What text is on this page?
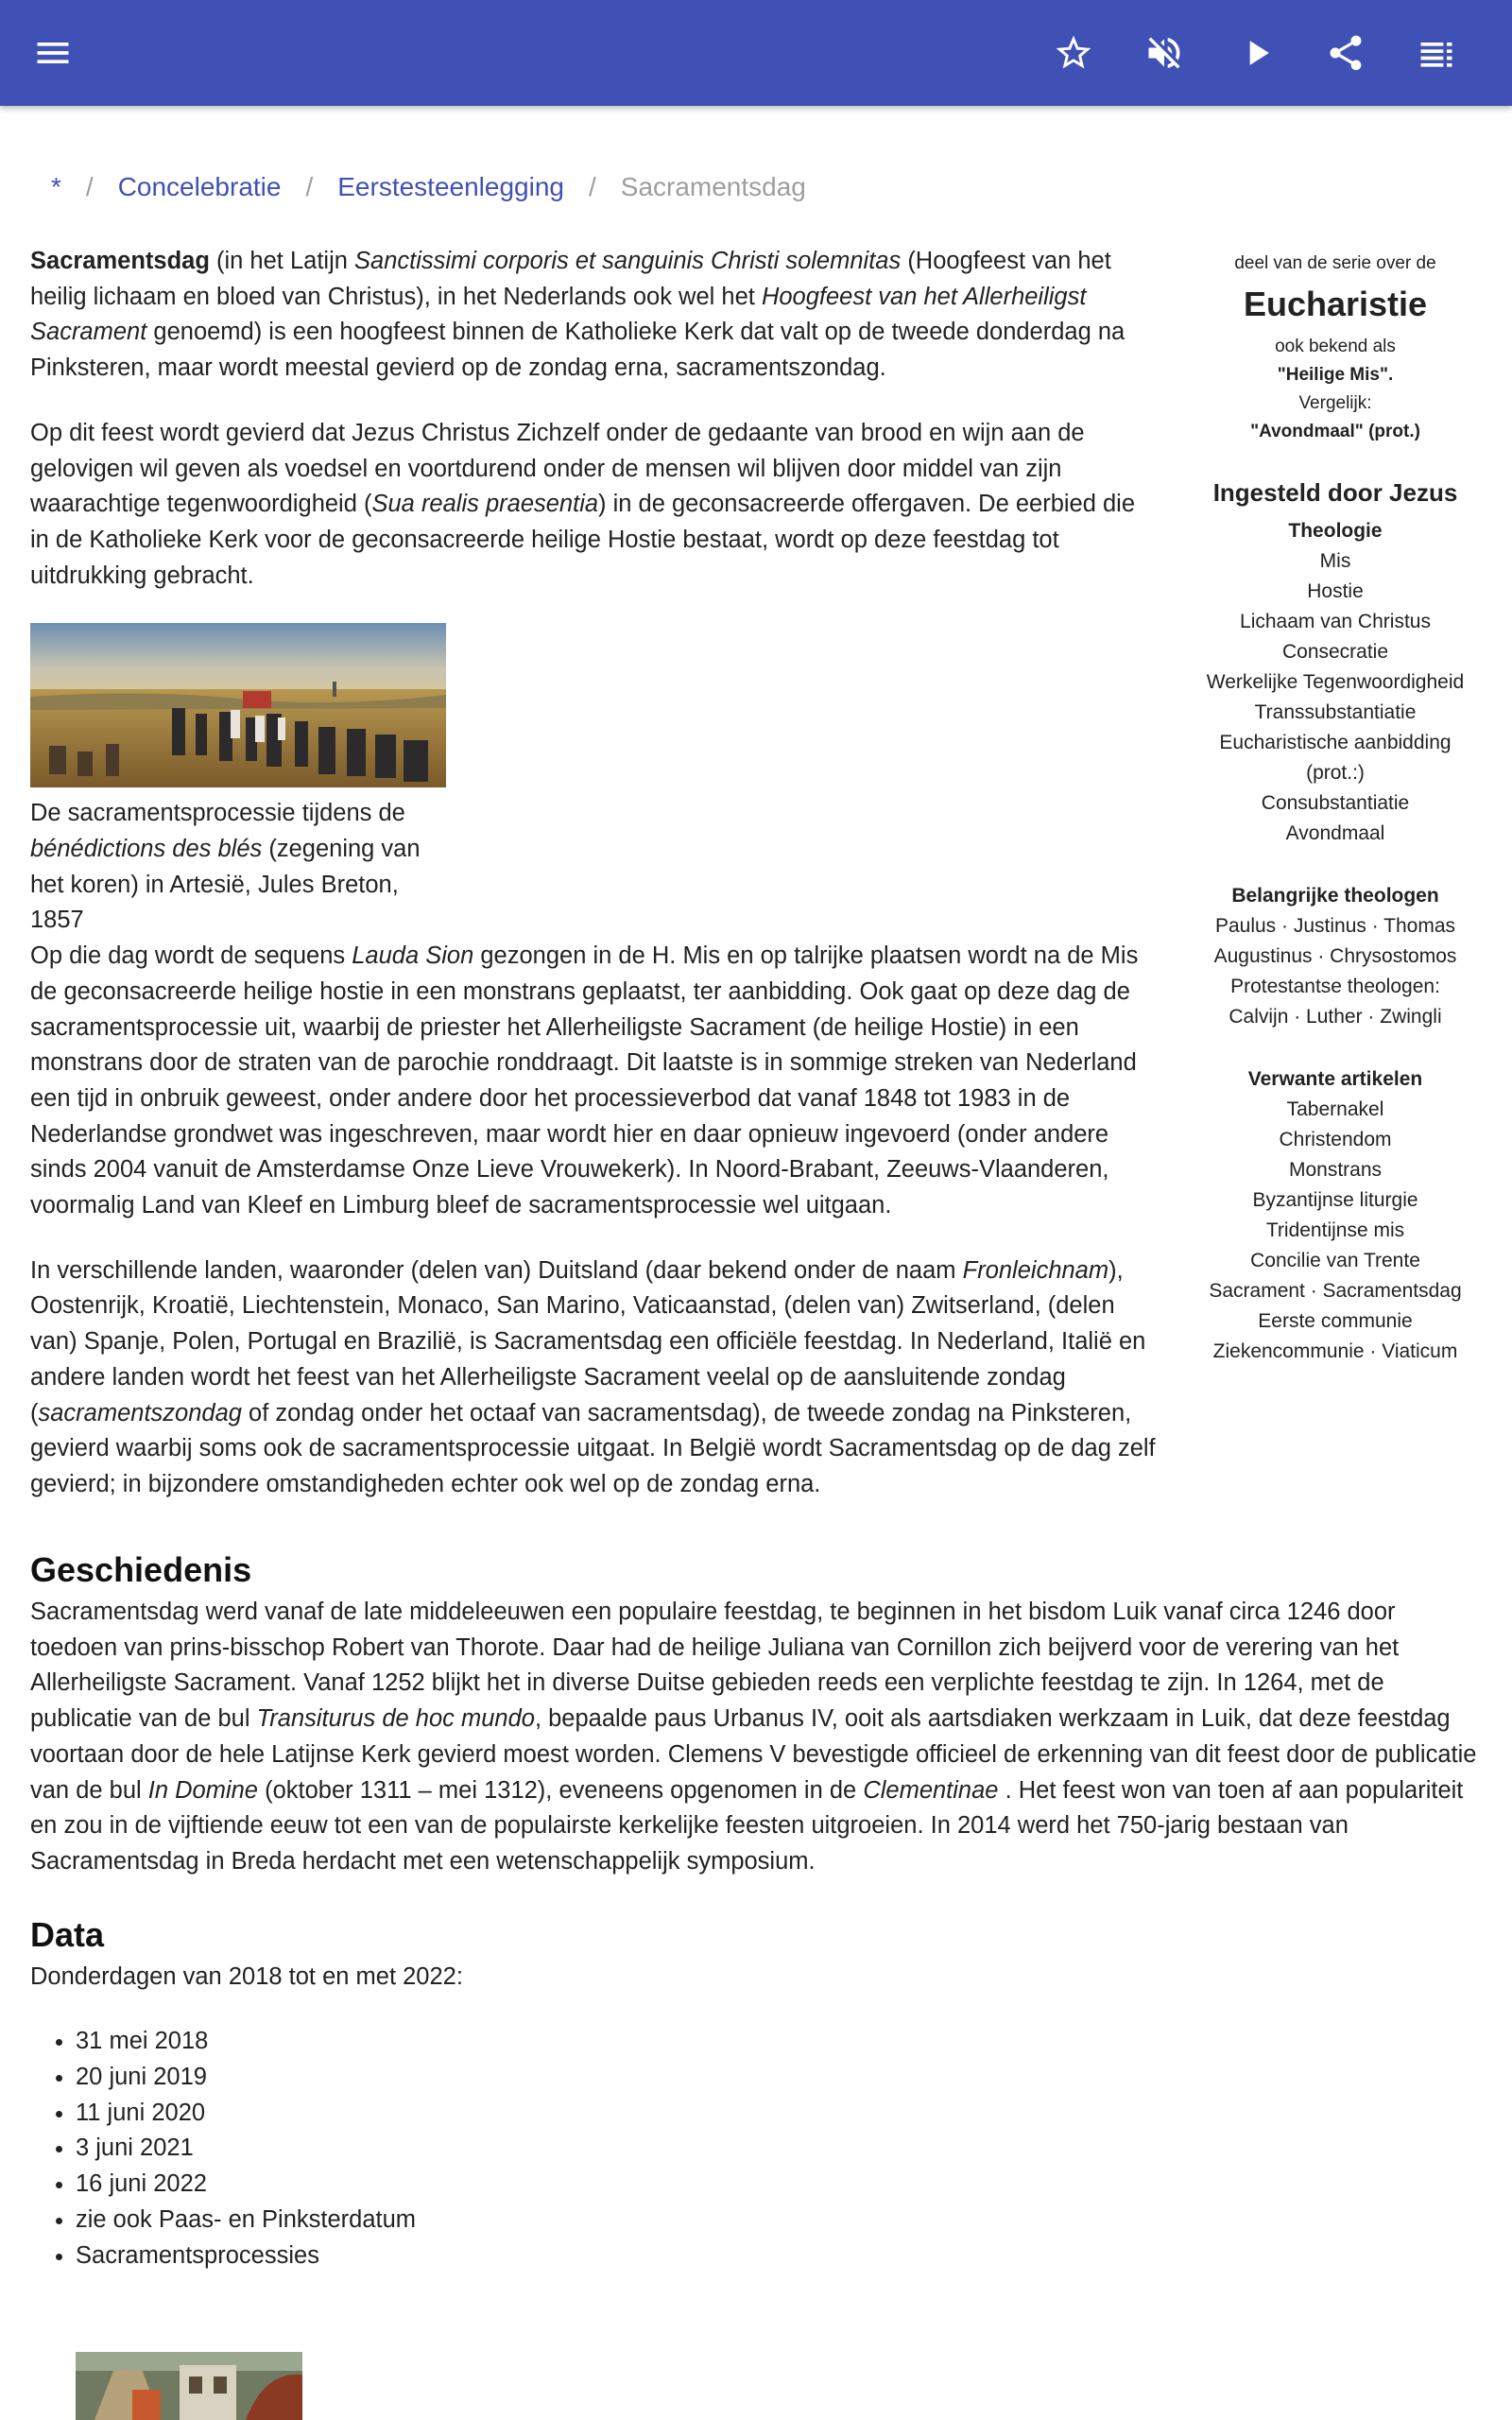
* / Concelebratie / Eerstesteenlegging / Sacramentsdag

Sacramentsdag (in het Latijn Sanctissimi corporis et sanguinis Christi solemnitas (Hoogfeest van het heilig lichaam en bloed van Christus), in het Nederlands ook wel het Hoogfeest van het Allerheiligst Sacrament genoemd) is een hoogfeest binnen de Katholieke Kerk dat valt op de tweede donderdag na Pinksteren, maar wordt meestal gevierd op de zondag erna, sacramentszondag.

Op dit feest wordt gevierd dat Jezus Christus Zichzelf onder de gedaante van brood en wijn aan de gelovigen wil geven als voedsel en voortdurend onder de mensen wil blijven door middel van zijn waarachtige tegenwoordigheid (Sua realis praesentia) in de geconsacreerde offergaven. De eerbied die in de Katholieke Kerk voor de geconsacreerde heilige Hostie bestaat, wordt op deze feestdag tot uitdrukking gebracht.

De sacramentsprocessie tijdens de bénédictions des blés (zegening van het koren) in Artesië, Jules Breton, 1857

Op die dag wordt de sequens Lauda Sion gezongen in de H. Mis en op talrijke plaatsen wordt na de Mis de geconsacreerde heilige hostie in een monstrans geplaatst, ter aanbidding. Ook gaat op deze dag de sacramentsprocessie uit, waarbij de priester het Allerheiligste Sacrament (de heilige Hostie) in een monstrans door de straten van de parochie ronddraagt. Dit laatste is in sommige streken van Nederland een tijd in onbruik geweest, onder andere door het processieverbod dat vanaf 1848 tot 1983 in de Nederlandse grondwet was ingeschreven, maar wordt hier en daar opnieuw ingevoerd (onder andere sinds 2004 vanuit de Amsterdamse Onze Lieve Vrouwekerk). In Noord-Brabant, Zeeuws-Vlaanderen, voormalig Land van Kleef en Limburg bleef de sacramentsprocessie wel uitgaan.

In verschillende landen, waaronder (delen van) Duitsland (daar bekend onder de naam Fronleichnam), Oostenrijk, Kroatië, Liechtenstein, Monaco, San Marino, Vaticaanstad, (delen van) Zwitserland, (delen van) Spanje, Polen, Portugal en Brazilië, is Sacramentsdag een officiële feestdag. In Nederland, Italië en andere landen wordt het feest van het Allerheiligste Sacrament veelal op de aansluitende zondag (sacramentszondag of zondag onder het octaaf van sacramentsdag), de tweede zondag na Pinksteren, gevierd waarbij soms ook de sacramentsprocessie uitgaat. In België wordt Sacramentsdag op de dag zelf gevierd; in bijzondere omstandigheden echter ook wel op de zondag erna.

Geschiedenis

Sacramentsdag werd vanaf de late middeleeuwen een populaire feestdag, te beginnen in het bisdom Luik vanaf circa 1246 door toedoen van prins-bisschop Robert van Thorote. Daar had de heilige Juliana van Cornillon zich beijverd voor de verering van het Allerheiligste Sacrament. Vanaf 1252 blijkt het in diverse Duitse gebieden reeds een verplichte feestdag te zijn. In 1264, met de publicatie van de bul Transiturus de hoc mundo, bepaalde paus Urbanus IV, ooit als aartsdiaken werkzaam in Luik, dat deze feestdag voortaan door de hele Latijnse Kerk gevierd moest worden. Clemens V bevestigde officieel de erkenning van dit feest door de publicatie van de bul In Domine (oktober 1311 – mei 1312), eveneens opgenomen in de Clementinae . Het feest won van toen af aan populariteit en zou in de vijftiende eeuw tot een van de populairste kerkelijke feesten uitgroeien. In 2014 werd het 750-jarig bestaan van Sacramentsdag in Breda herdacht met een wetenschappelijk symposium.

Data
Donderdagen van 2018 tot en met 2022:
• 31 mei 2018
• 20 juni 2019
• 11 juni 2020
• 3 juni 2021
• 16 juni 2022
• zie ook Paas- en Pinksterdatum
• Sacramentsprocessies
deel van de serie over de
Eucharistie
ook bekend als
"Heilige Mis".
Vergelijk:
"Avondmaal" (prot.)
Ingesteld door Jezus
Theologie
Mis
Hostie
Lichaam van Christus
Consecratie
Werkelijke Tegenwoordigheid
Transsubstantiatie
Eucharistische aanbidding
(prot.:)
Consubstantiatie
Avondmaal
Belangrijke theologen
Paulus · Justinus · Thomas
Augustinus · Chrysostomos
Protestantse theologen:
Calvijn · Luther · Zwingli
Verwante artikelen
Tabernakel
Christendom
Monstrans
Byzantijnse liturgie
Tridentijnse mis
Concilie van Trente
Sacrament · Sacramentsdag
Eerste communie
Ziekencommunie · Viaticum
